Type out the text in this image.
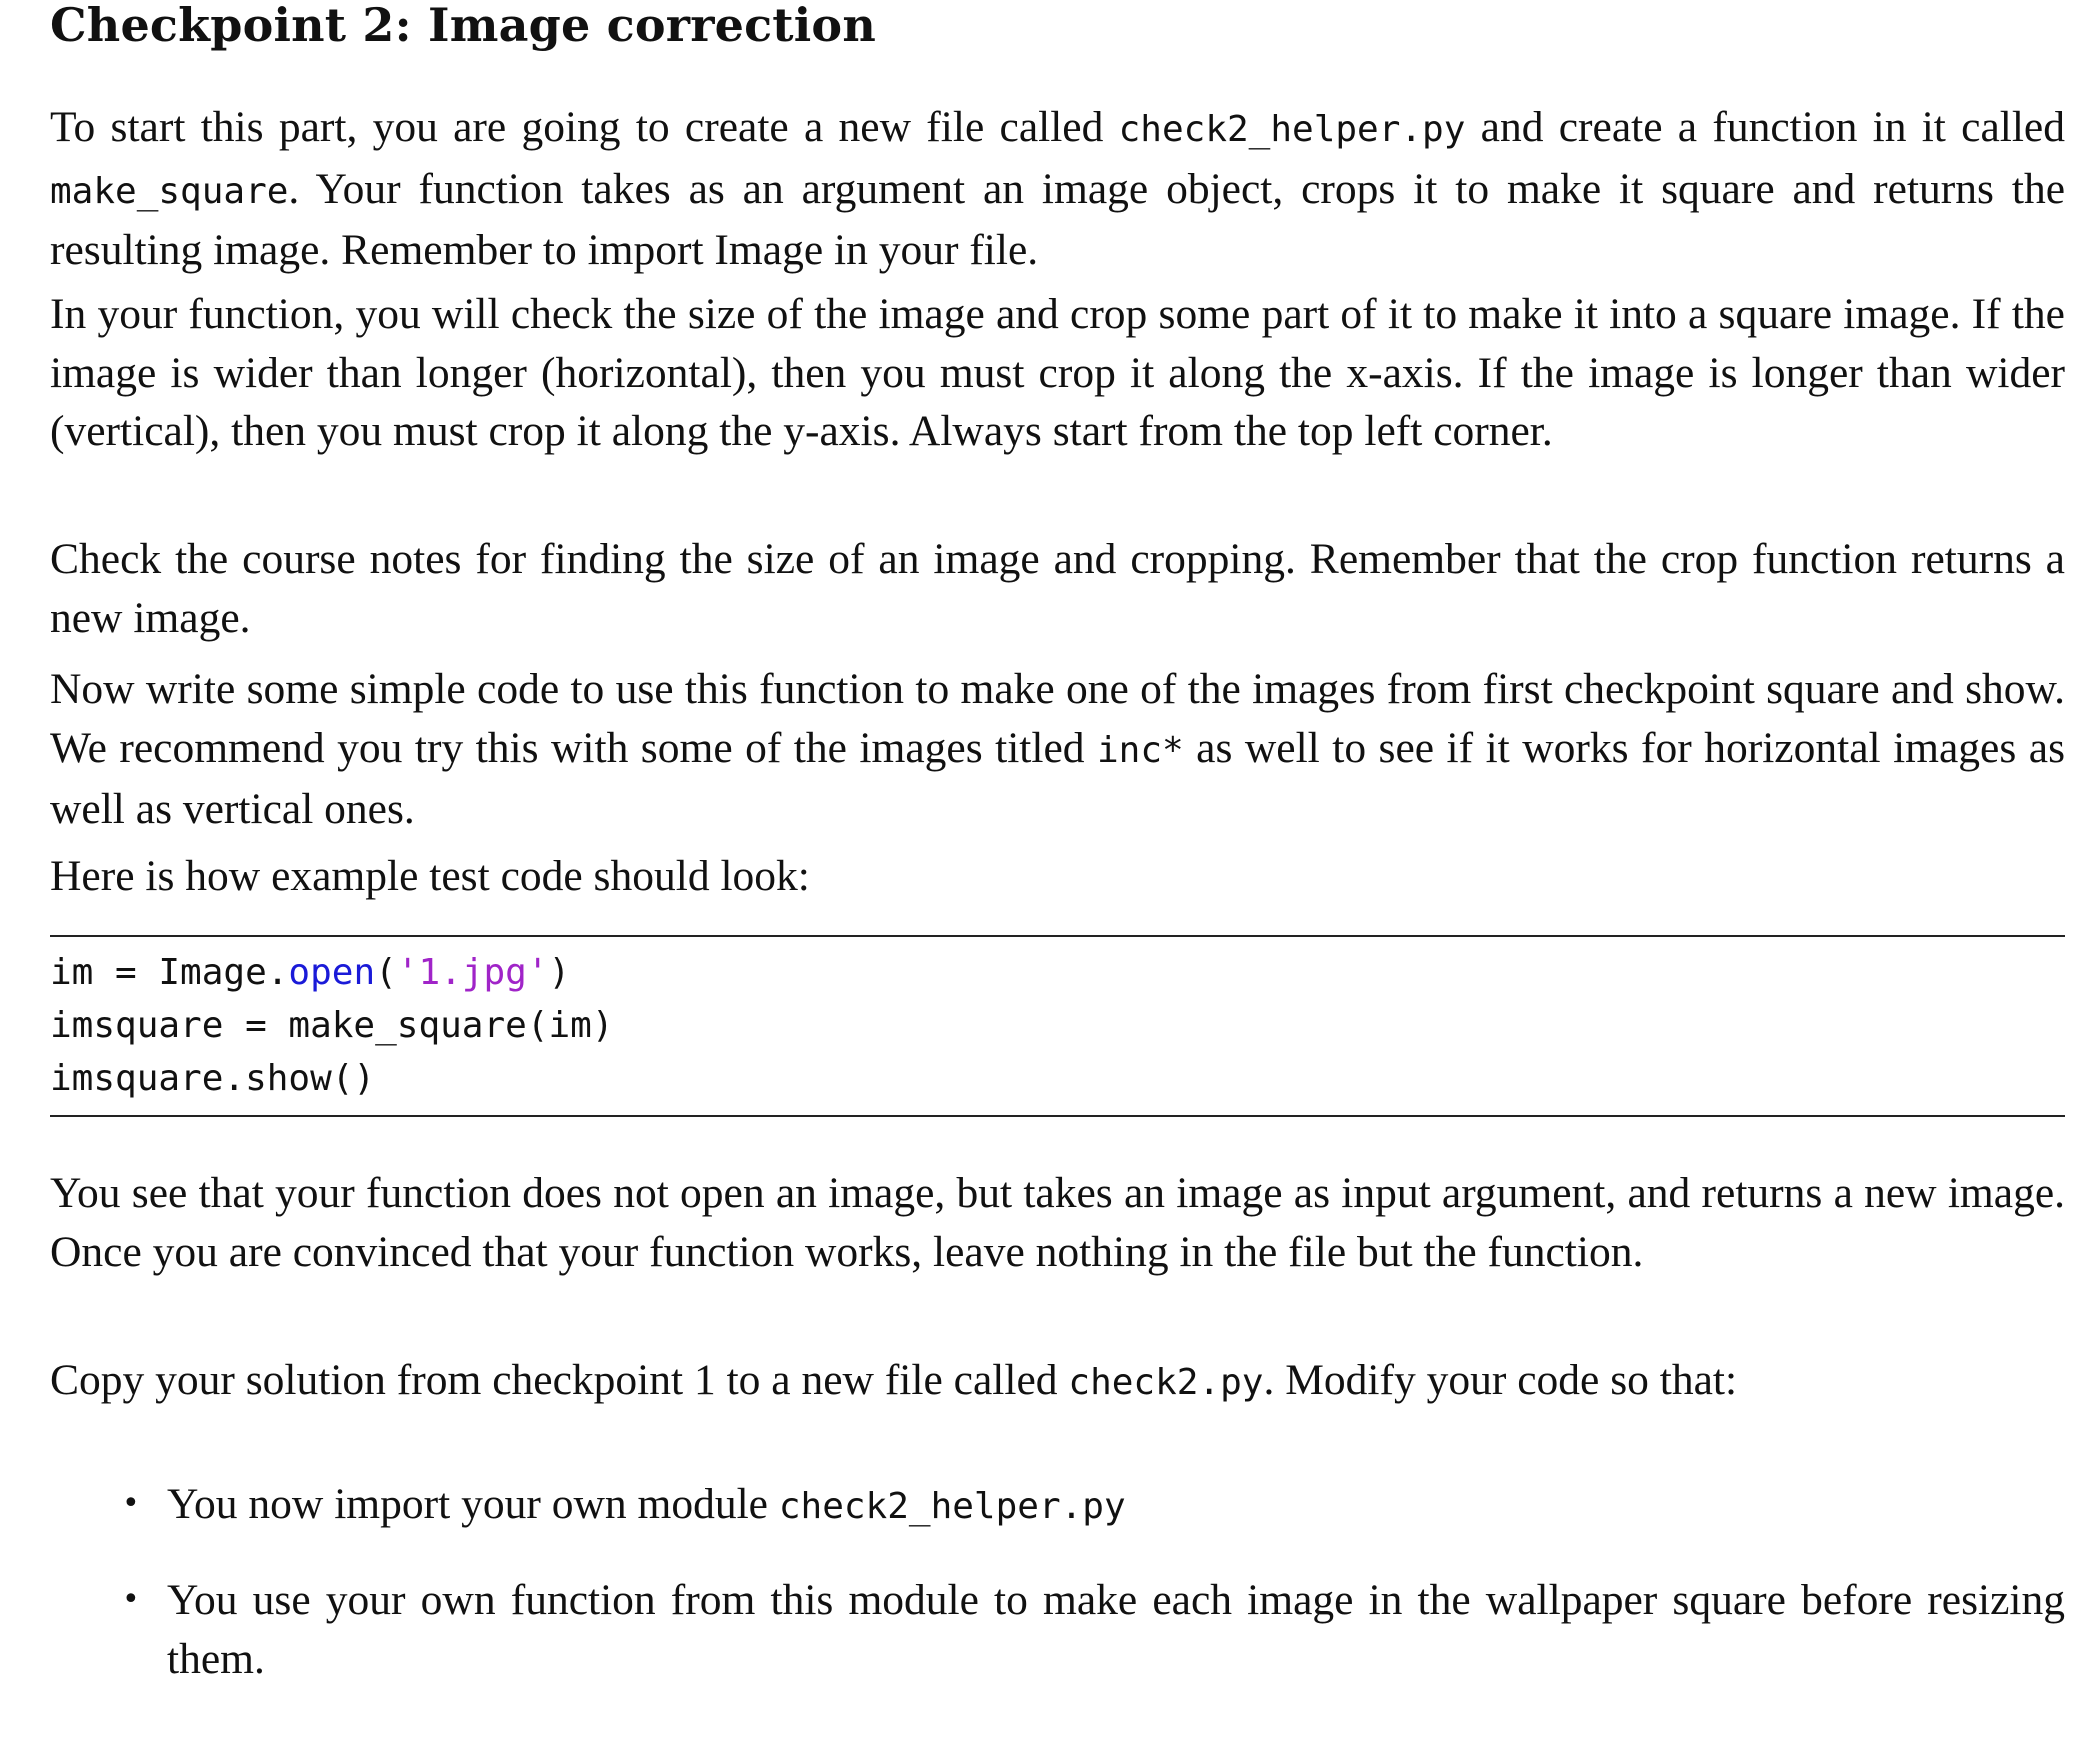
Checkpoint 2: Image correction

To start this part, you are going to create a new file called check2_helper.py and create a function in it called make_square. Your function takes as an argument an image object, crops it to make it square and returns the resulting image. Remember to import Image in your file.

In your function, you will check the size of the image and crop some part of it to make it into a square image. If the image is wider than longer (horizontal), then you must crop it along the x-axis. If the image is longer than wider (vertical), then you must crop it along the y-axis. Always start from the top left corner.

Check the course notes for finding the size of an image and cropping. Remember that the crop function returns a new image.

Now write some simple code to use this function to make one of the images from first checkpoint square and show. We recommend you try this with some of the images titled inc* as well to see if it works for horizontal images as well as vertical ones.

Here is how example test code should look:

im = Image.open('1.jpg')
imsquare = make_square(im)
imsquare.show()

You see that your function does not open an image, but takes an image as input argument, and returns a new image. Once you are convinced that your function works, leave nothing in the file but the function.

Copy your solution from checkpoint 1 to a new file called check2.py. Modify your code so that:

• You now import your own module check2_helper.py
• You use your own function from this module to make each image in the wallpaper square before resizing them.
